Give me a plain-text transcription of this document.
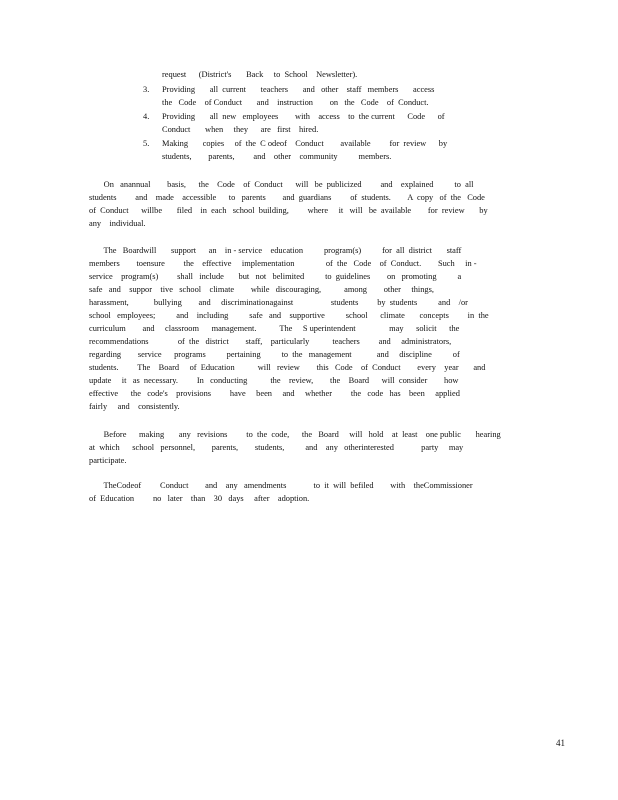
request      (District's       Back     to  School    Newsletter).
3. Providing       all  current       teachers       and   other    staff   members       access
the   Code    of Conduct       and    instruction        on   the   Code    of  Conduct.
4. Providing       all  new   employees        with    access    to  the current      Code      of
Conduct       when     they      are   first    hired.
5. Making       copies     of  the  C odeof    Conduct        available         for  review      by
students,        parents,         and    other    community          members.
On   anannual        basis,      the    Code    of  Conduct      will   be  publicized         and    explained          to  all
students         and    made    accessible      to   parents        and  guardians         of  students.        A  copy   of  the   Code
of  Conduct      willbe       filed    in  each   school  building,         where     it   will   be  available        for  review       by
any    individual.
The   Boardwill       support      an    in - service    education          program(s)          for  all  district       staff
members        toensure         the    effective     implementation               of  the   Code    of  Conduct.        Such     in -
service    program(s)         shall   include       but   not   belimited          to  guidelines        on   promoting          a
safe   and    suppor    tive   school    climate        while   discouraging,           among        other     things,
harassment,            bullying        and     discriminationagainst                  students         by  students          and    /or
school   employees;          and    including          safe   and    supportive          school      climate       concepts         in  the
curriculum        and     classroom      management.           The     S uperintendent                may      solicit      the
recommendations              of  the   district        staff,    particularly           teachers         and     administrators,
regarding        service      programs          pertaining          to  the   management            and     discipline          of
students.         The    Board     of  Education           will   review        this   Code    of  Conduct        every    year       and
update     it   as  necessary.         In   conducting           the    review,        the    Board      will  consider        how
effective      the   code's    provisions         have     been     and     whether         the   code   has    been     applied
fairly     and    consistently.
Before      making       any   revisions         to  the  code,      the   Board     will   hold    at  least    one public       hearing
at  which      school   personnel,        parents,        students,          and    any   otherinterested             party     may
participate.
TheCodeof         Conduct        and    any   amendments             to  it  will  befiled        with    theCommissioner
of  Education         no   later    than    30   days     after    adoption.
41
